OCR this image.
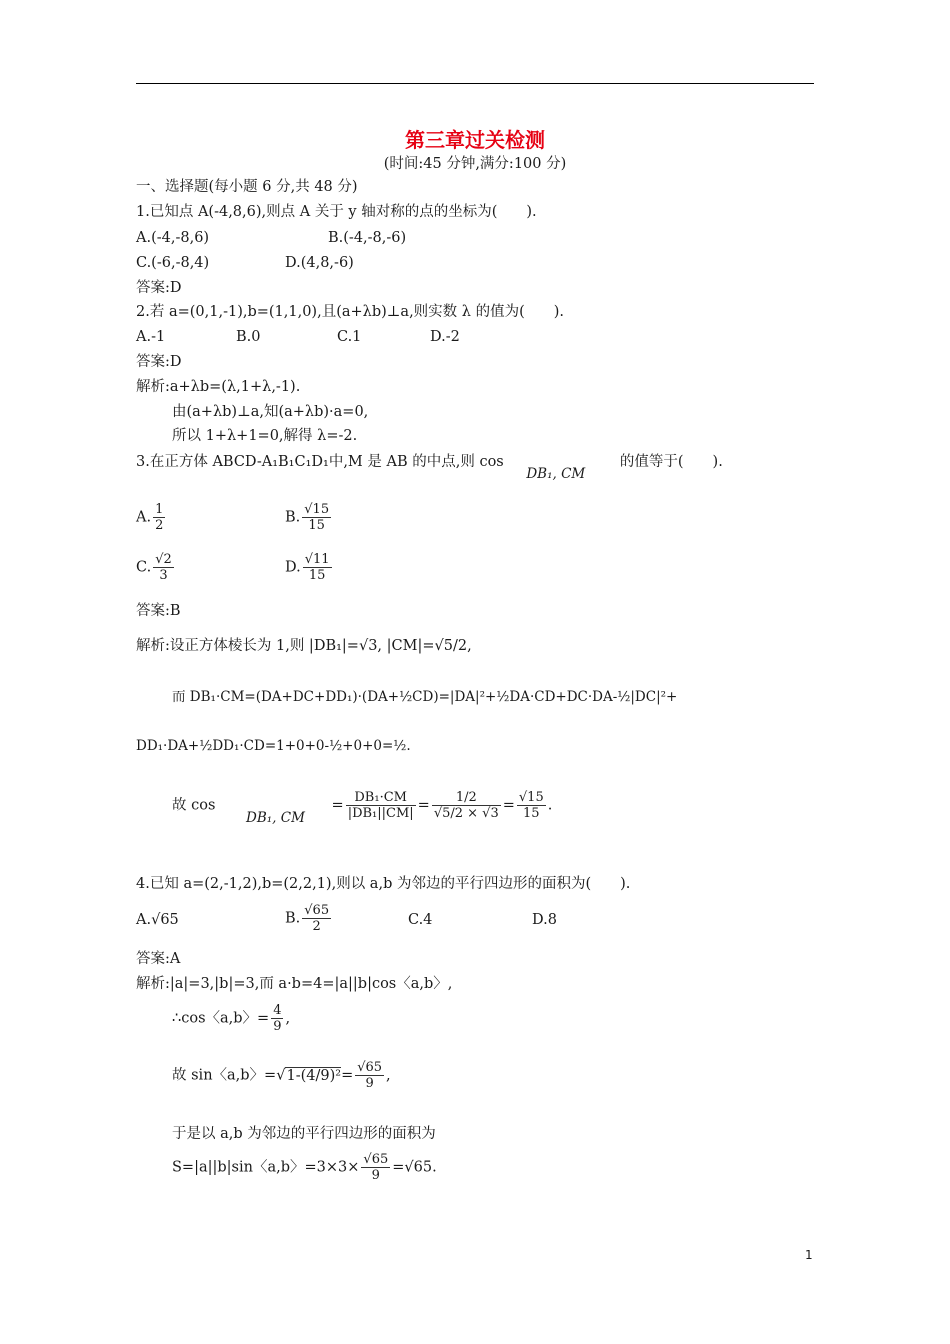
第三章过关检测
(时间:45 分钟,满分:100 分)
一、选择题(每小题 6 分,共 48 分)
1.已知点 A(-4,8,6),则点 A 关于 y 轴对称的点的坐标为(　　).
A.(-4,-8,6)	B.(-4,-8,-6)
C.(-6,-8,4)	D.(4,8,-6)
答案:D
2.若 a=(0,1,-1),b=(1,1,0),且(a+λb)⊥a,则实数 λ 的值为(　　).
A.-1	B.0	C.1	D.-2
答案:D
解析:a+λb=(λ,1+λ,-1).
由(a+λb)⊥a,知(a+λb)·a=0,
所以 1+λ+1=0,解得 λ=-2.
3.在正方体 ABCD-A₁B₁C₁D₁中,M 是 AB 的中点,则 cos DB₁, CM 的值等于(　　).
A. $\frac{1}{2}$	B. $\frac{√15}{15}$
C. $\frac{√2}{3}$	D. $\frac{√11}{15}$
答案:B
解析:设正方体棱长为 1,则 |DB₁|=√3, |CM|=√5/2,
而 DB₁·CM=(DA+DC+DD₁)·(DA+½CD)=|DA|²+½DA·CD+DC·DA-½|DC|²+
DD₁·DA+½DD₁·CD=1+0+0-½+0+0=½.
故 cos DB₁, CM = $\frac{\text{DB₁·CM}}{\text{|DB₁||CM|}} = \frac{1/2}{√5/2 \times √3} = \frac{√15}{15}$ .
4.已知 a=(2,-1,2),b=(2,2,1),则以 a,b 为邻边的平行四边形的面积为(　　).
A.√65	B. $\frac{√65}{2}$	C.4	D.8
答案:A
解析:|a|=3,|b|=3,而 a·b=4=|a||b|cos〈a,b〉,
∴cos〈a,b〉= $\frac{4}{9}$ ,
故 sin〈a,b〉$=√1-(4/9)^2= \frac{√65}{9}$ ,
于是以 a,b 为邻边的平行四边形的面积为
S=|a||b|sin〈a,b〉$=3\times 3\times \frac{√65}{9} =√65$.
1
